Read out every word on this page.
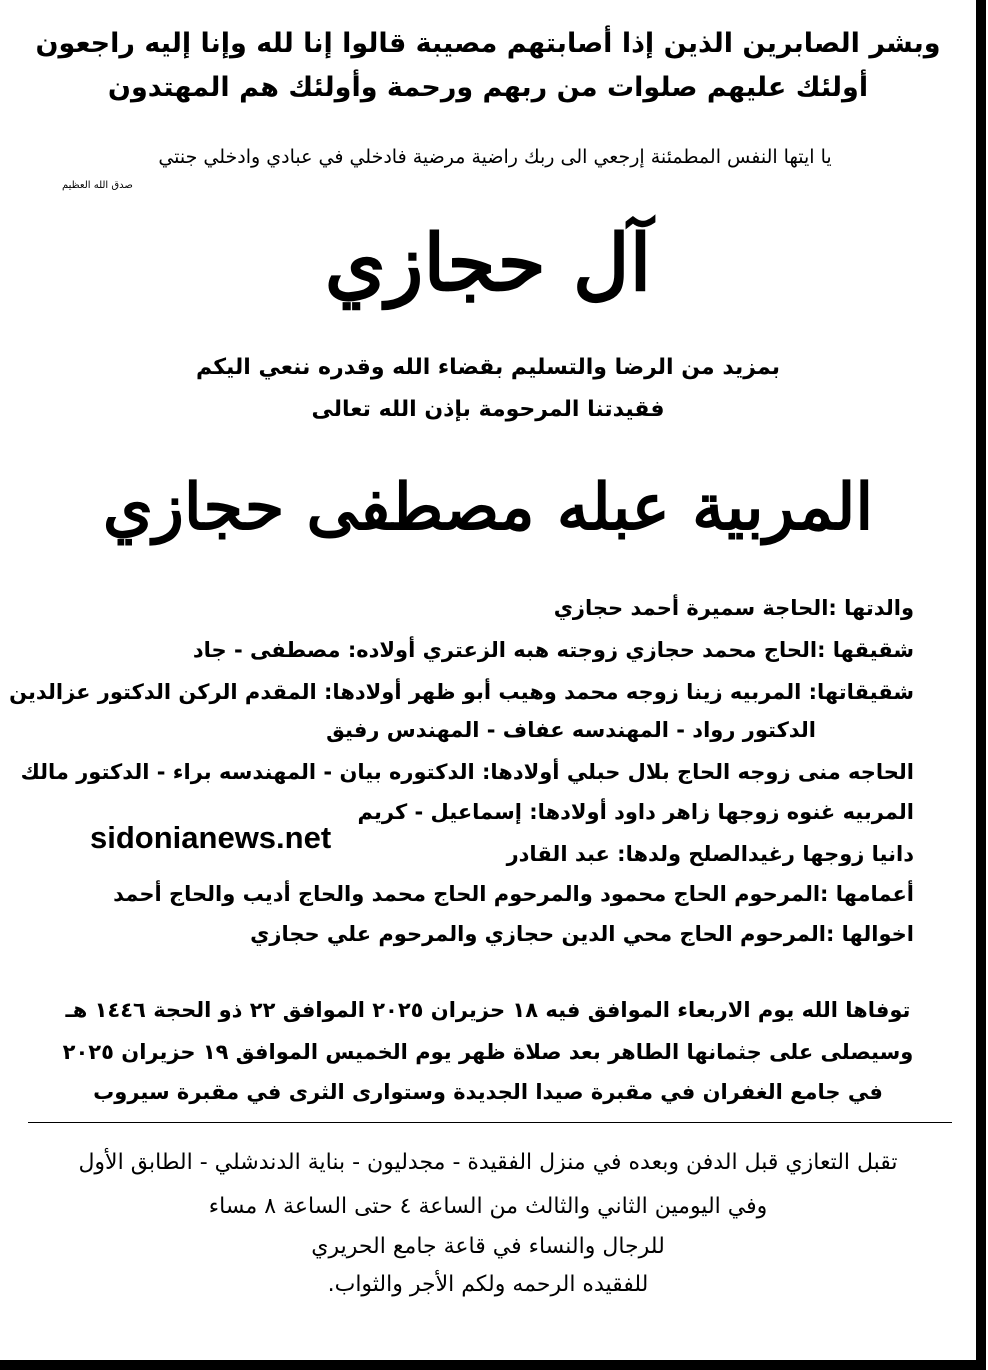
وبشر الصابرين الذين إذا أصابتهم مصيبة قالوا إنا لله وإنا إليه راجعون
أولئك عليهم صلوات من ربهم ورحمة وأولئك هم المهتدون
يا ايتها النفس المطمئنة إرجعي الى ربك راضية مرضية فادخلي في عبادي وادخلي جنتي
صدق الله العظيم
آل حجازي
بمزيد من الرضا والتسليم بقضاء الله وقدره ننعي اليكم
فقيدتنا المرحومة بإذن الله تعالى
المربية عبله مصطفى حجازي
والدتها :الحاجة سميرة أحمد حجازي
شقيقها :الحاج محمد حجازي زوجته هبه الزعتري أولاده: مصطفى - جاد
شقيقاتها: المربيه زينا زوجه محمد وهيب أبو ظهر أولادها: المقدم الركن الدكتور عزالدين
الدكتور رواد - المهندسه عفاف - المهندس رفيق
الحاجه منى زوجه الحاج بلال حبلي أولادها: الدكتوره بيان - المهندسه براء - الدكتور مالك
المربيه غنوه زوجها زاهر داود أولادها: إسماعيل - كريم
دانيا زوجها رغيدالصلح ولدها: عبد القادر
أعمامها :المرحوم الحاج محمود والمرحوم الحاج محمد والحاج أديب والحاج أحمد
اخوالها :المرحوم الحاج محي الدين حجازي والمرحوم علي حجازي
sidonianews.net
توفاها الله يوم الاربعاء الموافق فيه ١٨ حزيران ٢٠٢٥ الموافق ٢٢ ذو الحجة ١٤٤٦ هـ
وسيصلى على جثمانها الطاهر بعد صلاة ظهر يوم الخميس الموافق ١٩ حزيران ٢٠٢٥
في جامع الغفران في مقبرة صيدا الجديدة وستوارى الثرى في مقبرة سيروب
تقبل التعازي قبل الدفن وبعده في منزل الفقيدة - مجدليون - بناية الدندشلي - الطابق الأول
وفي اليومين الثاني والثالث من الساعة ٤ حتى الساعة ٨ مساء
للرجال والنساء في قاعة جامع الحريري
للفقيده الرحمه ولكم الأجر والثواب.
